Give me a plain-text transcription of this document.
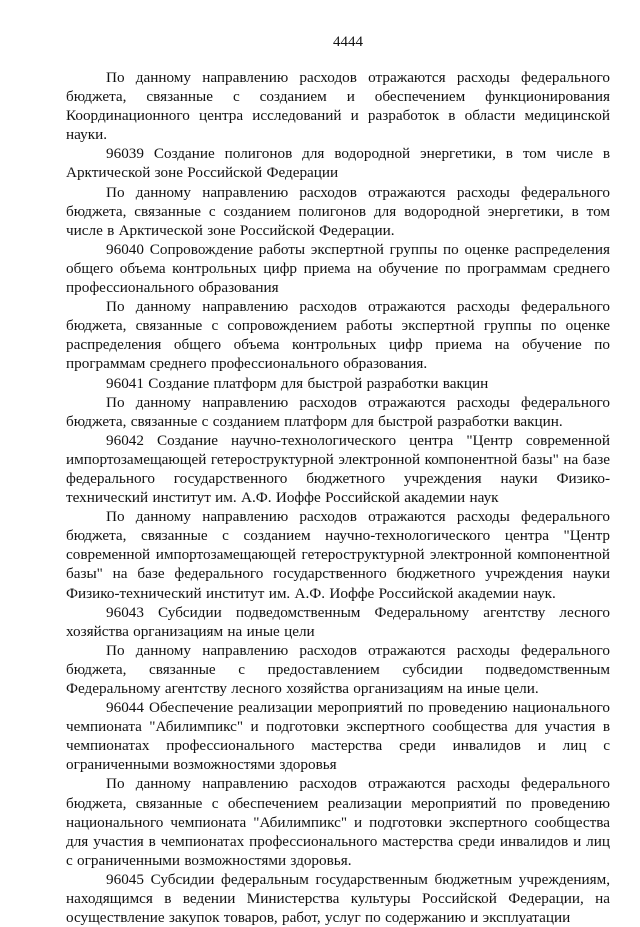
4444

По данному направлению расходов отражаются расходы федерального бюджета, связанные с созданием и обеспечением функционирования Координационного центра исследований и разработок в области медицинской науки.

96039 Создание полигонов для водородной энергетики, в том числе в Арктической зоне Российской Федерации

По данному направлению расходов отражаются расходы федерального бюджета, связанные с созданием полигонов для водородной энергетики, в том числе в Арктической зоне Российской Федерации.

96040 Сопровождение работы экспертной группы по оценке распределения общего объема контрольных цифр приема на обучение по программам среднего профессионального образования

По данному направлению расходов отражаются расходы федерального бюджета, связанные с сопровождением работы экспертной группы по оценке распределения общего объема контрольных цифр приема на обучение по программам среднего профессионального образования.

96041 Создание платформ для быстрой разработки вакцин

По данному направлению расходов отражаются расходы федерального бюджета, связанные с созданием платформ для быстрой разработки вакцин.

96042 Создание научно-технологического центра "Центр современной импортозамещающей гетероструктурной электронной компонентной базы" на базе федерального государственного бюджетного учреждения науки Физико-технический институт им. А.Ф. Иоффе Российской академии наук

По данному направлению расходов отражаются расходы федерального бюджета, связанные с созданием научно-технологического центра "Центр современной импортозамещающей гетероструктурной электронной компонентной базы" на базе федерального государственного бюджетного учреждения науки Физико-технический институт им. А.Ф. Иоффе Российской академии наук.

96043 Субсидии подведомственным Федеральному агентству лесного хозяйства организациям на иные цели

По данному направлению расходов отражаются расходы федерального бюджета, связанные с предоставлением субсидии подведомственным Федеральному агентству лесного хозяйства организациям на иные цели.

96044 Обеспечение реализации мероприятий по проведению национального чемпионата "Абилимпикс" и подготовки экспертного сообщества для участия в чемпионатах профессионального мастерства среди инвалидов и лиц с ограниченными возможностями здоровья

По данному направлению расходов отражаются расходы федерального бюджета, связанные с обеспечением реализации мероприятий по проведению национального чемпионата "Абилимпикс" и подготовки экспертного сообщества для участия в чемпионатах профессионального мастерства среди инвалидов и лиц с ограниченными возможностями здоровья.

96045 Субсидии федеральным государственным бюджетным учреждениям, находящимся в ведении Министерства культуры Российской Федерации, на осуществление закупок товаров, работ, услуг по содержанию и эксплуатации
